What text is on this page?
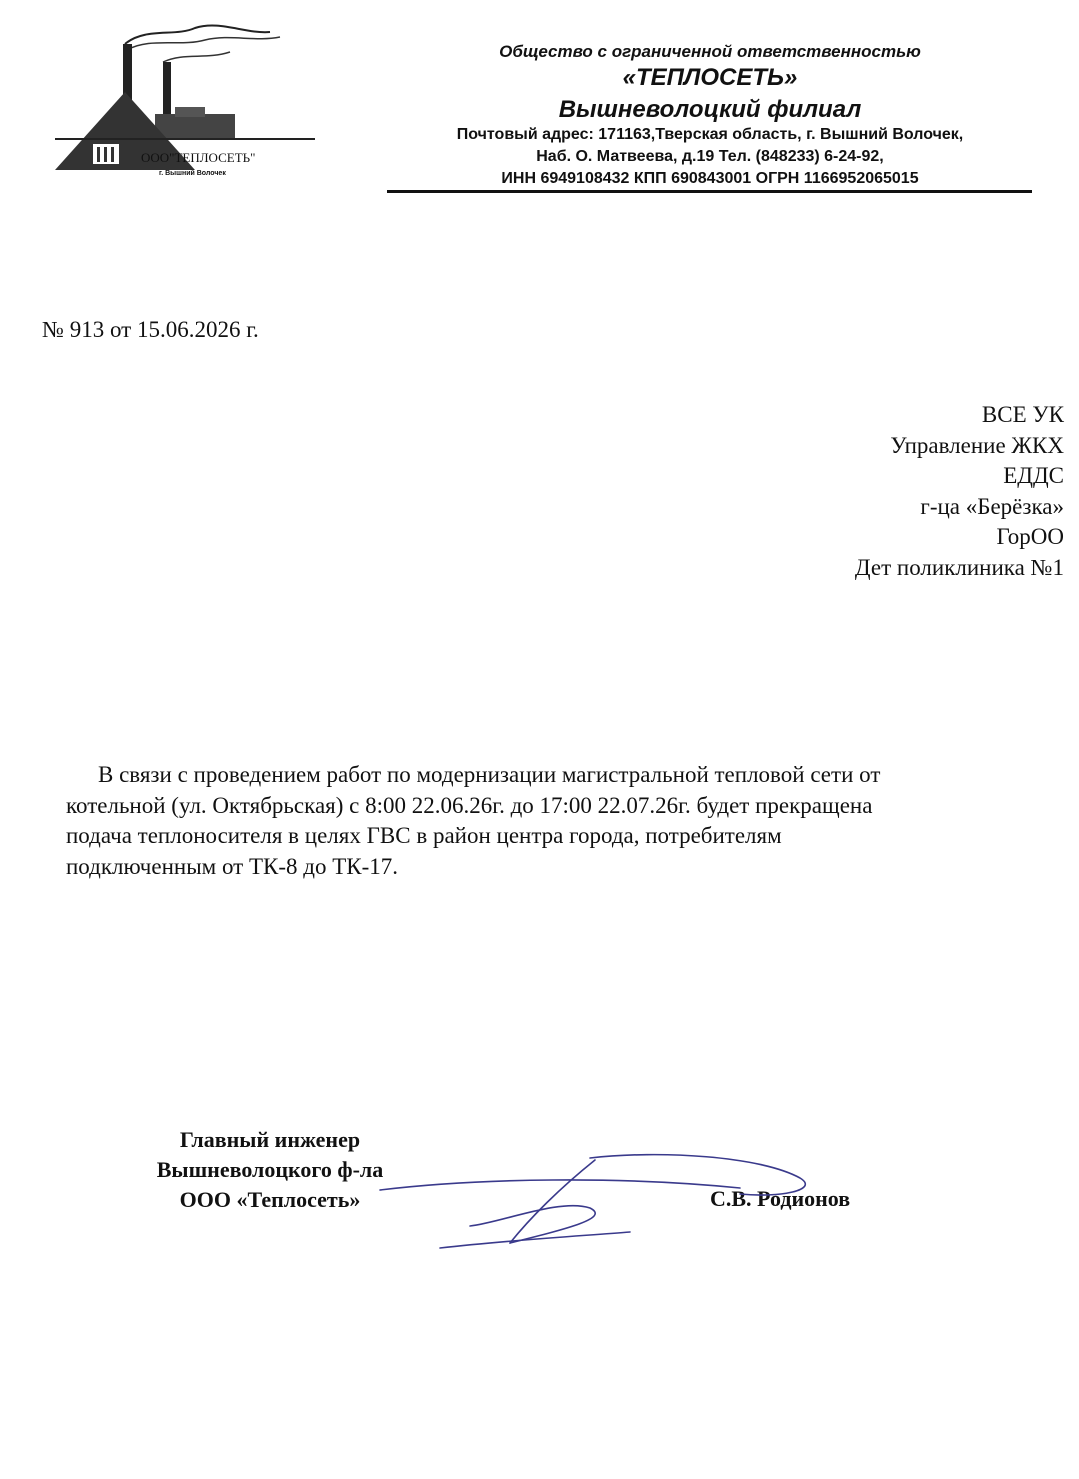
ООО"ТЕПЛОСЕТЬ"
г. Вышний Волочек
Общество с ограниченной ответственностью
«ТЕПЛОСЕТЬ»
Вышневолоцкий филиал
Почтовый адрес: 171163,Тверская область, г. Вышний Волочек,
Наб. О. Матвеева, д.19 Тел. (848233) 6-24-92,
ИНН 6949108432 КПП 690843001 ОГРН 1166952065015
№ 913 от 15.06.2026 г.
ВСЕ УК
Управление ЖКХ
ЕДДС
г-ца «Берёзка»
ГорОО
Дет поликлиника №1
В связи с проведением работ по модернизации магистральной тепловой сети от
котельной (ул. Октябрьская) с 8:00 22.06.26г. до 17:00 22.07.26г. будет прекращена
подача теплоносителя в целях ГВС в район центра города, потребителям
подключенным от ТК-8 до ТК-17.
Главный инженер
Вышневолоцкого ф-ла
ООО «Теплосеть»	С.В. Родионов
